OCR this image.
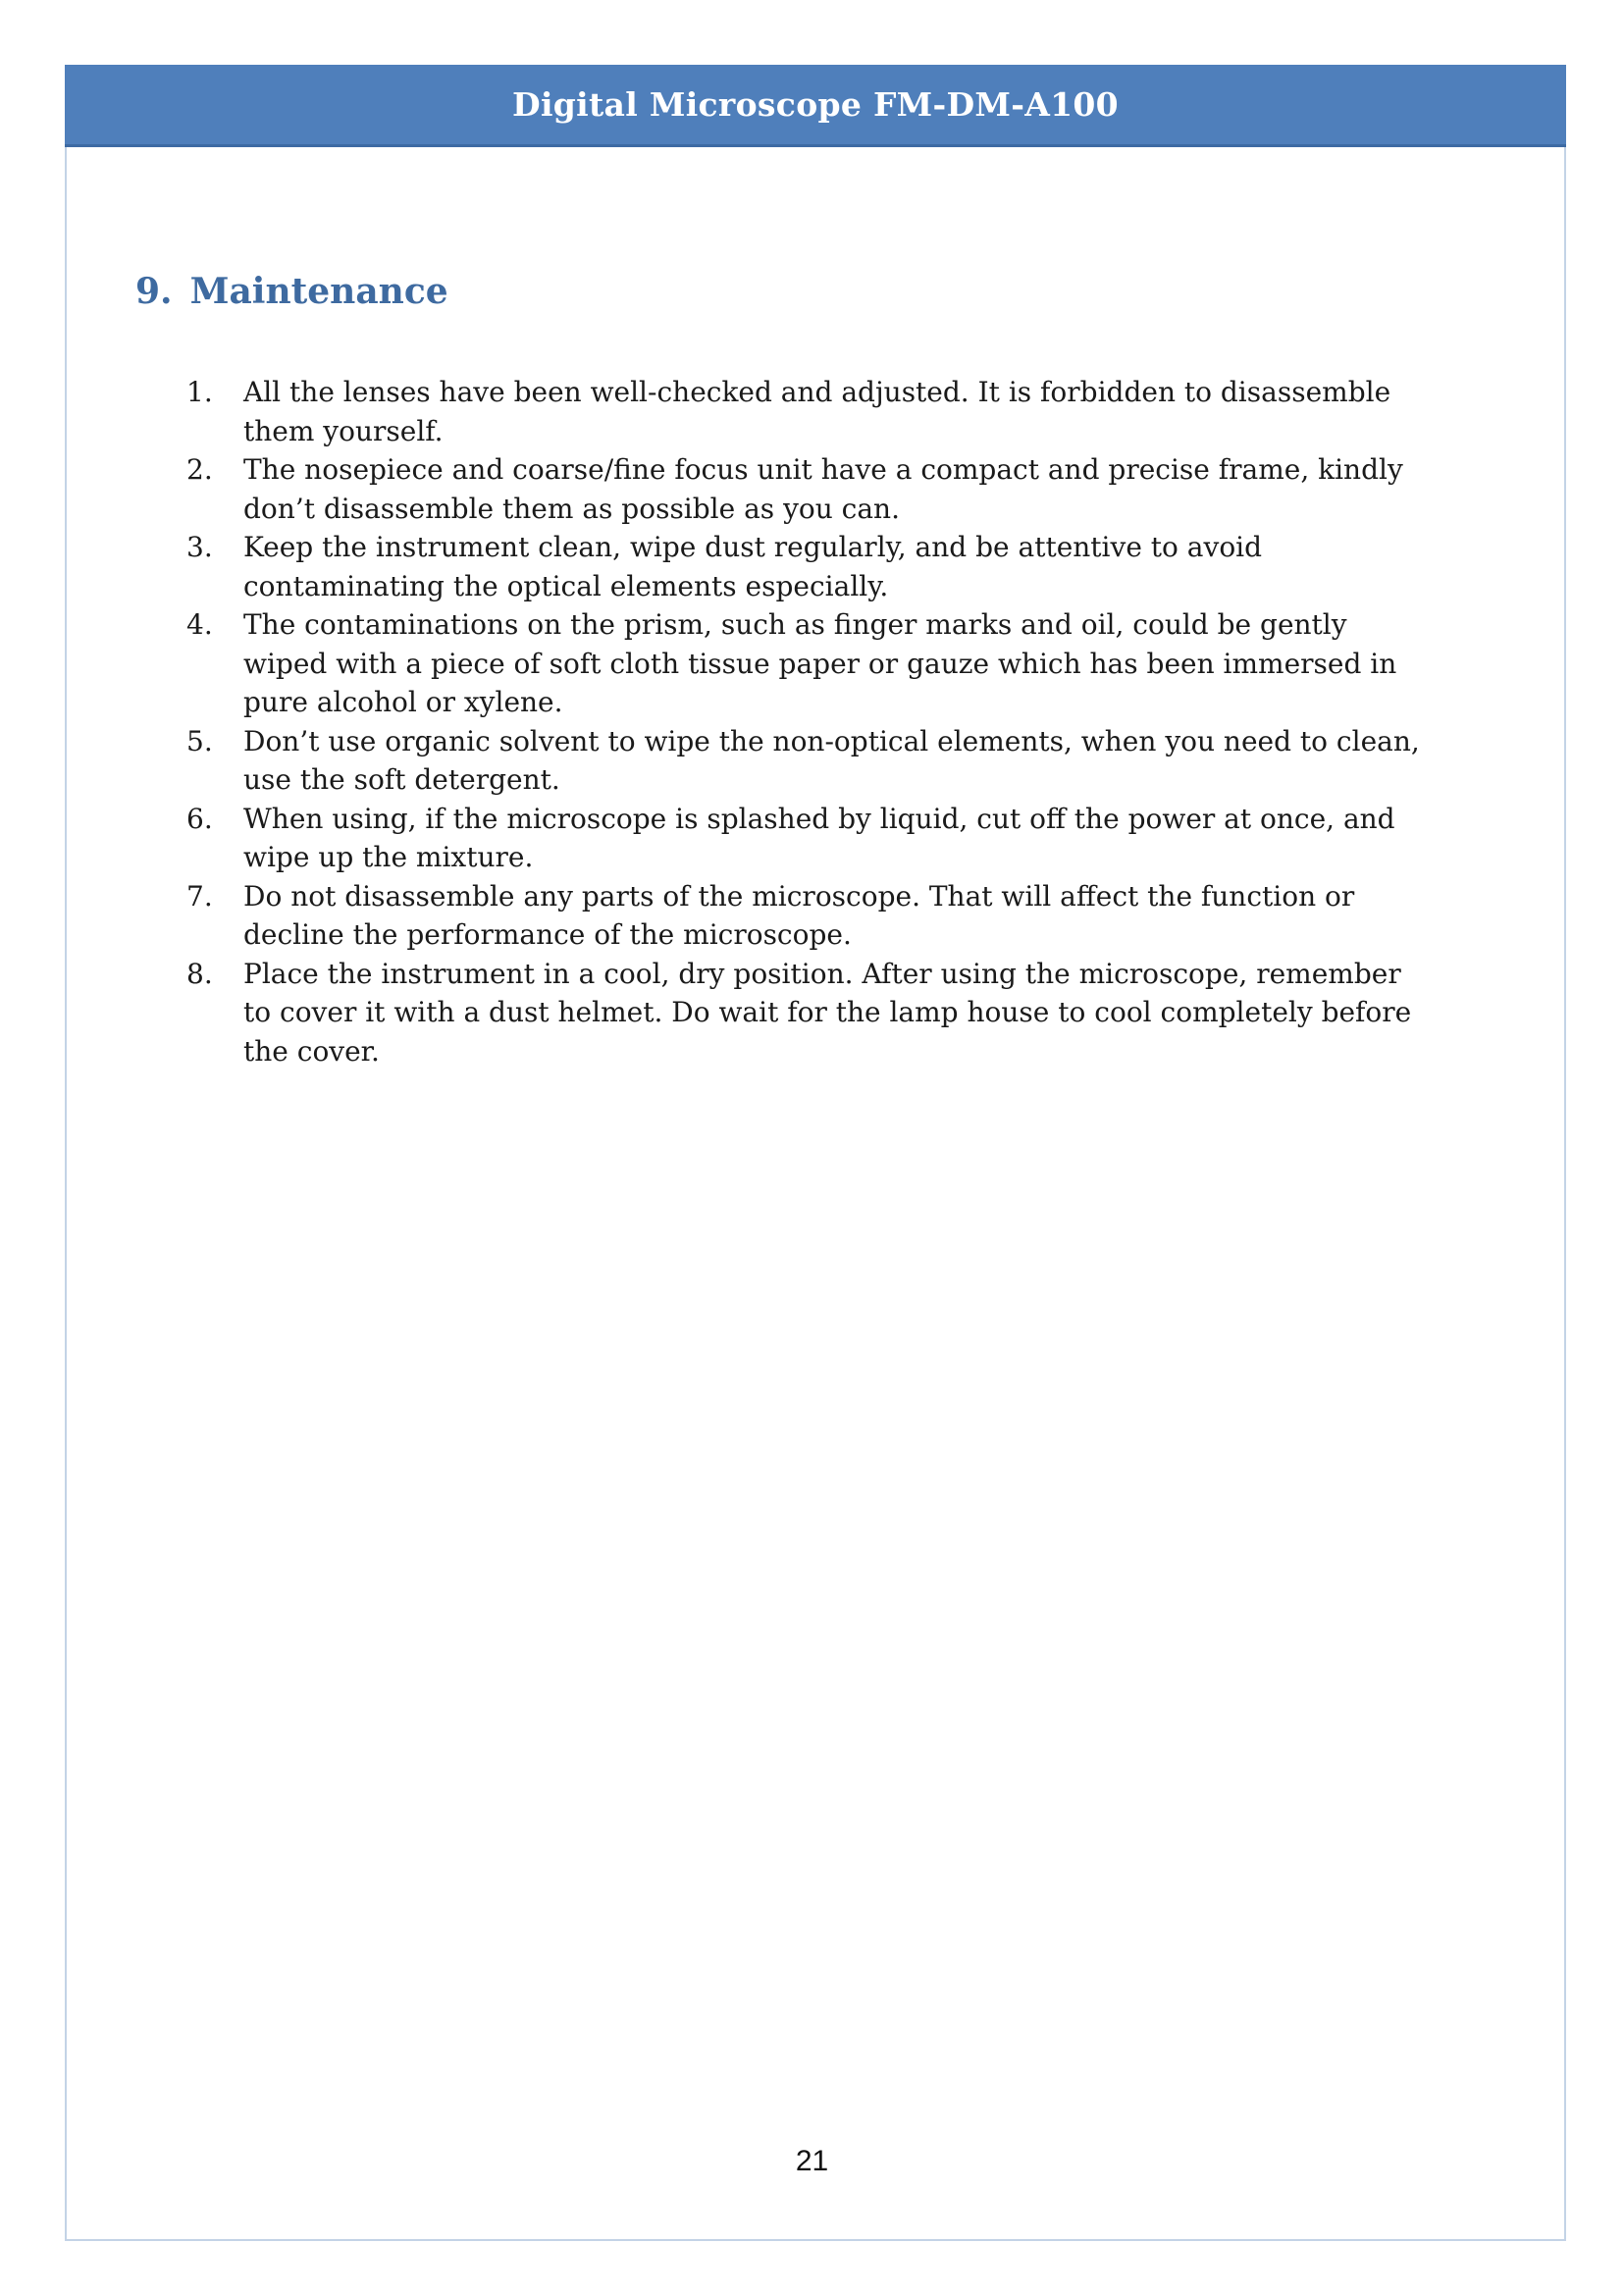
Digital Microscope FM-DM-A100
9. Maintenance
1.	All the lenses have been well-checked and adjusted. It is forbidden to disassemble them yourself.
2.	The nosepiece and coarse/fine focus unit have a compact and precise frame, kindly don’t disassemble them as possible as you can.
3.	Keep the instrument clean, wipe dust regularly, and be attentive to avoid contaminating the optical elements especially.
4.	The contaminations on the prism, such as finger marks and oil, could be gently wiped with a piece of soft cloth tissue paper or gauze which has been immersed in pure alcohol or xylene.
5.	Don’t use organic solvent to wipe the non-optical elements, when you need to clean, use the soft detergent.
6.	When using, if the microscope is splashed by liquid, cut off the power at once, and wipe up the mixture.
7.	Do not disassemble any parts of the microscope. That will affect the function or decline the performance of the microscope.
8.	Place the instrument in a cool, dry position. After using the microscope, remember to cover it with a dust helmet. Do wait for the lamp house to cool completely before the cover.
21
